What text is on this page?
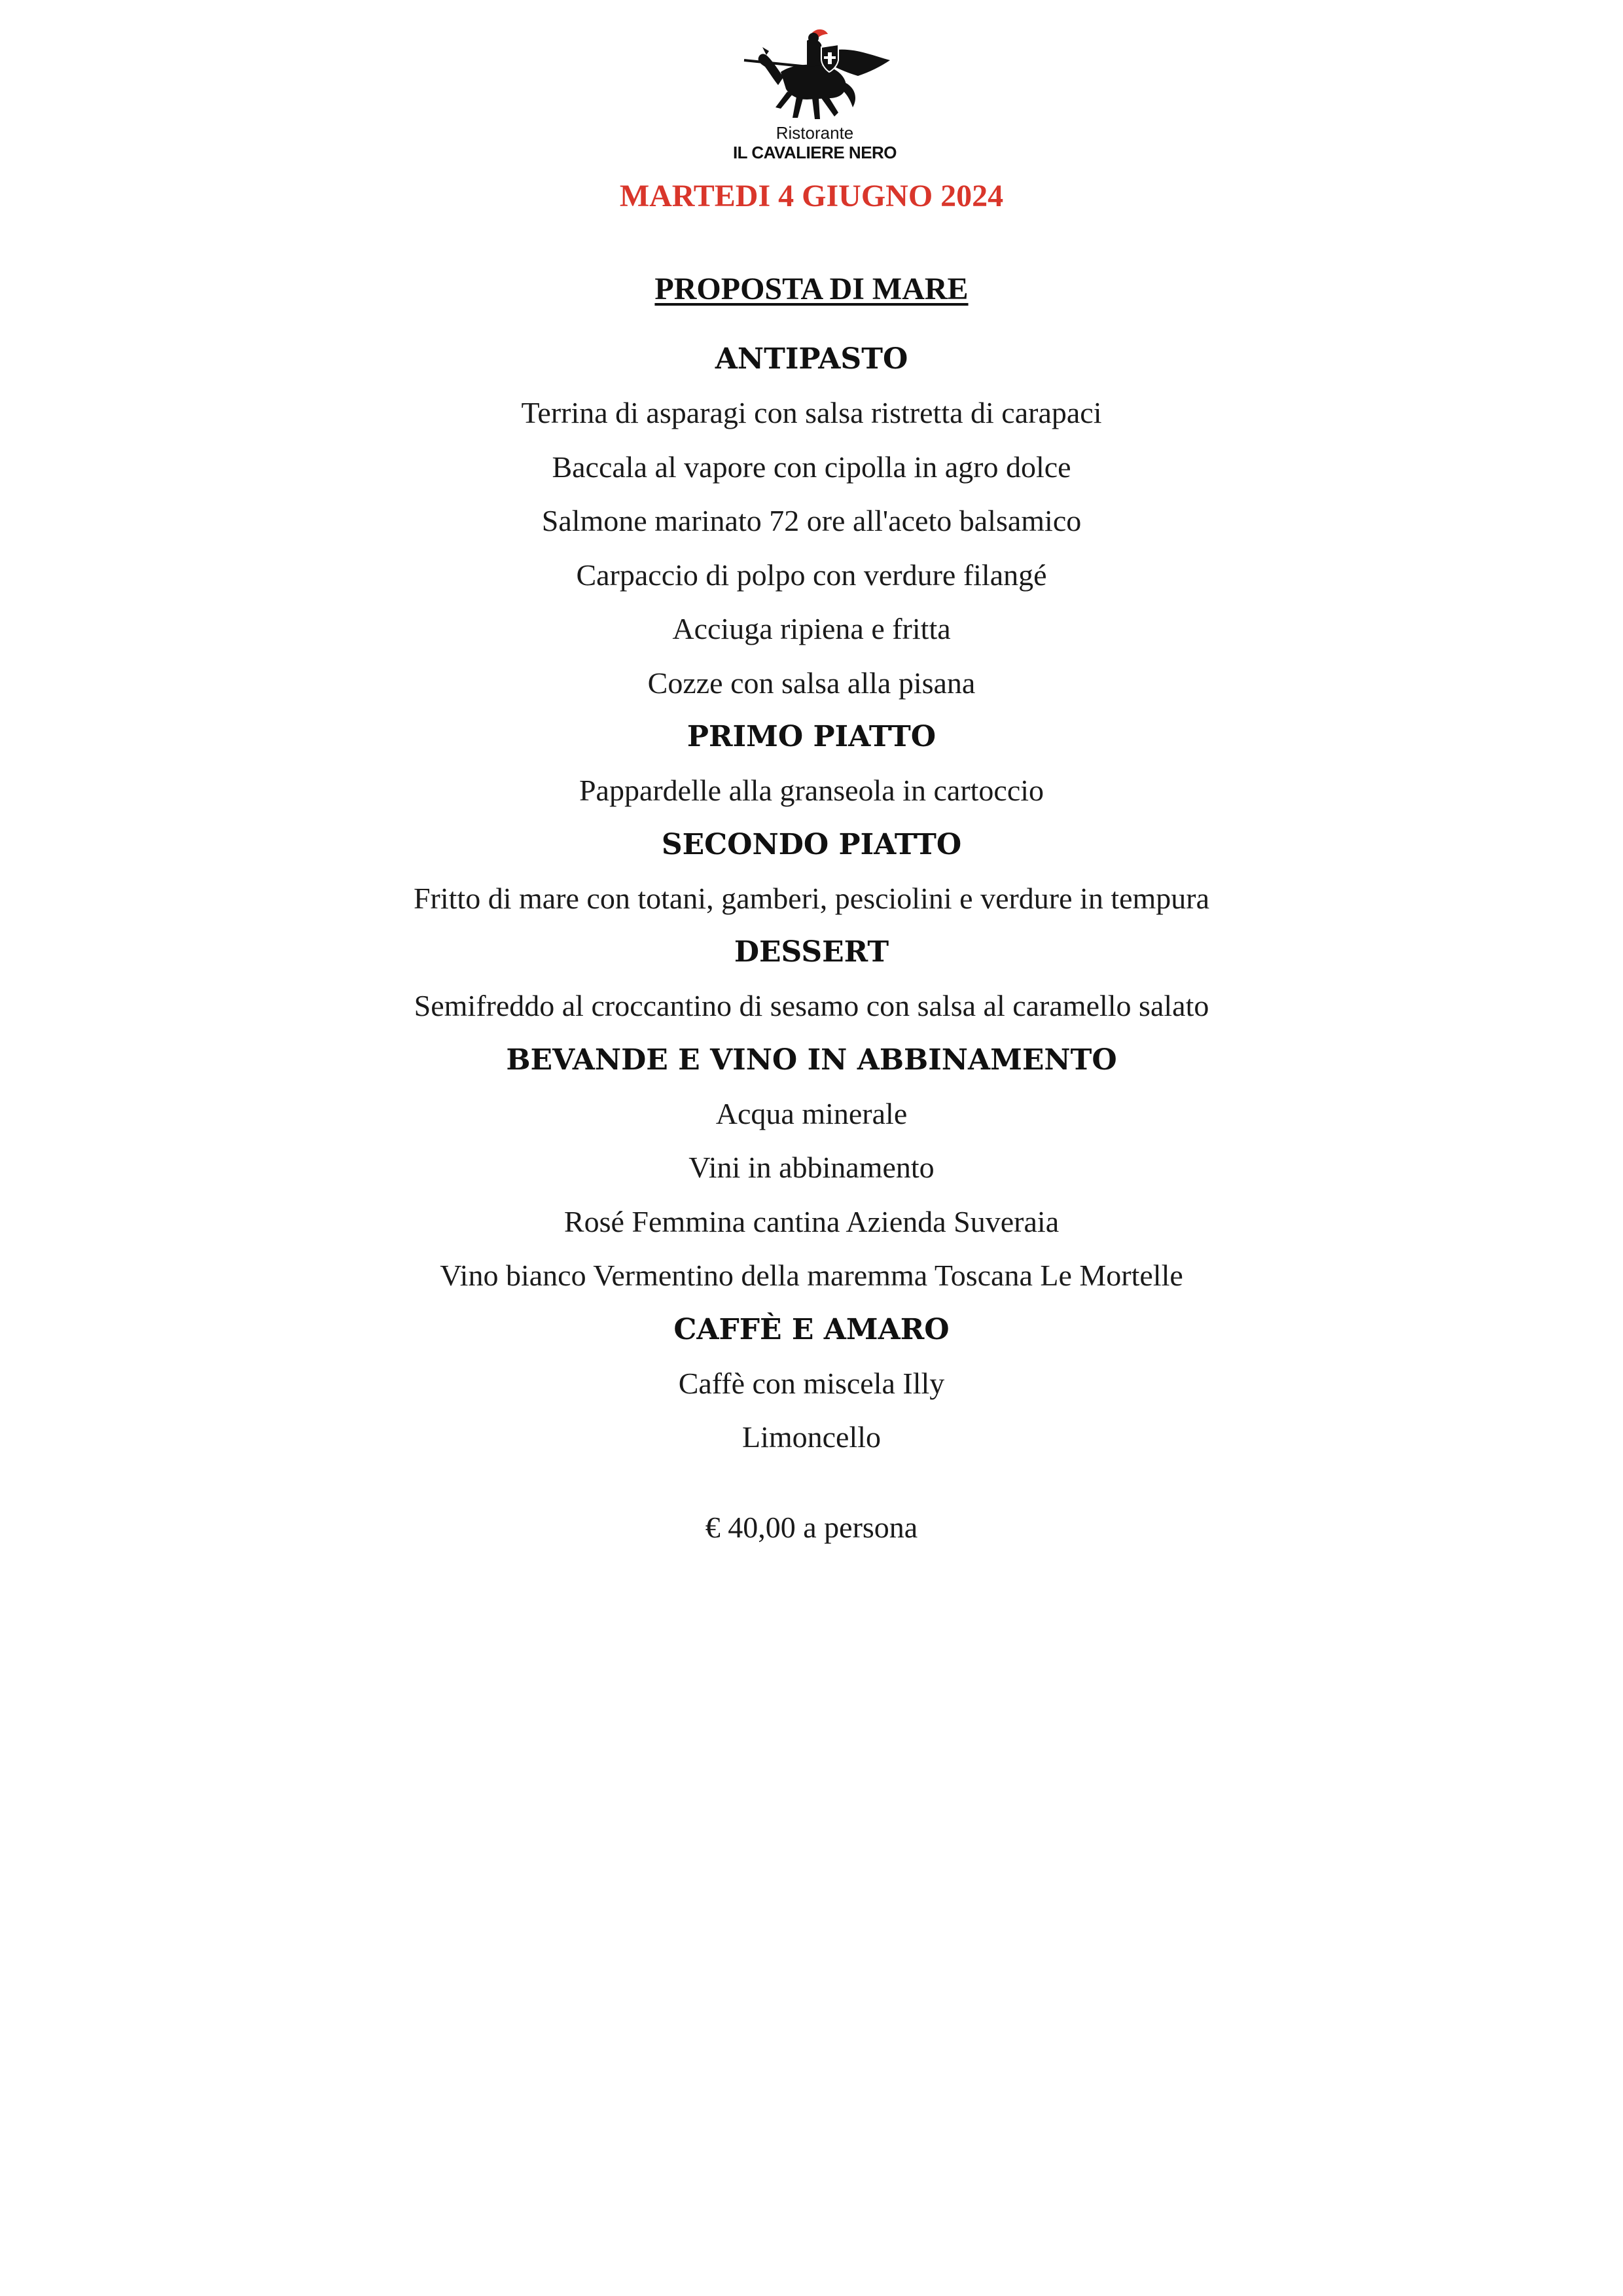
Ristorante
IL CAVALIERE NERO
MARTEDI 4 GIUGNO 2024
PROPOSTA DI MARE
ANTIPASTO
Terrina di asparagi con salsa ristretta di carapaci
Baccala al vapore con cipolla in agro dolce
Salmone marinato 72 ore all'aceto balsamico
Carpaccio di polpo con verdure filangé
Acciuga ripiena e fritta
Cozze con salsa alla pisana
PRIMO PIATTO
Pappardelle alla granseola in cartoccio
SECONDO PIATTO
Fritto di mare con totani, gamberi, pesciolini e verdure in tempura
DESSERT
Semifreddo al croccantino di sesamo con salsa al caramello salato
BEVANDE E VINO IN ABBINAMENTO
Acqua minerale
Vini in abbinamento
Rosé Femmina cantina Azienda Suveraia
Vino bianco Vermentino della maremma Toscana Le Mortelle
CAFFÈ E AMARO
Caffè con miscela Illy
Limoncello
€ 40,00 a persona
